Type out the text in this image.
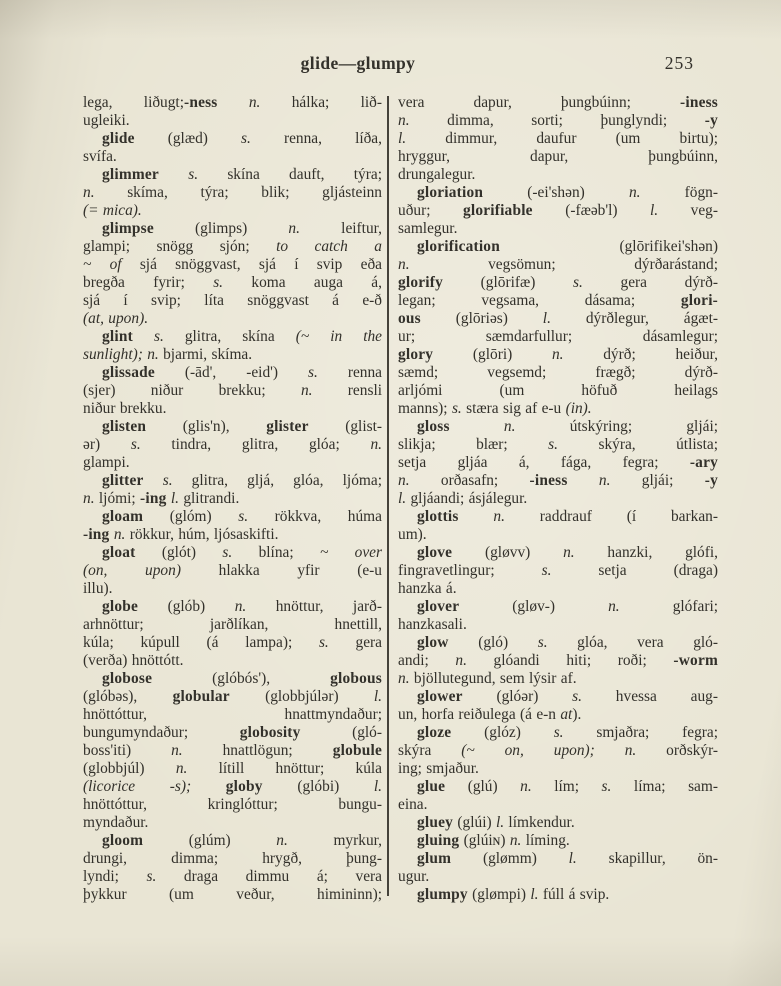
glide—glumpy	253
lega, liðugt;-ness n. hálka; lið-
ugleiki.
glide (glæd) s. renna, líða,
svífa.
glimmer s. skína dauft, týra;
n. skíma, týra; blik; gljásteinn
(= mica).
glimpse (glimps) n. leiftur,
glampi; snögg sjón; to catch a
~ of sjá snöggvast, sjá í svip eða
bregða fyrir; s. koma auga á,
sjá í svip; líta snöggvast á e-ð
(at, upon).
glint s. glitra, skína (~ in the
sunlight); n. bjarmi, skíma.
glissade (-ād', -eid') s. renna
(sjer) niður brekku; n. rensli
niður brekku.
glisten (glis'n), glister (glist-
ər) s. tindra, glitra, glóa; n.
glampi.
glitter s. glitra, gljá, glóa, ljóma;
n. ljómi; -ing l. glitrandi.
gloam (glóm) s. rökkva, húma
-ing n. rökkur, húm, ljósaskifti.
gloat (glót) s. blína; ~ over
(on, upon) hlakka yfir (e-u
illu).
globe (glób) n. hnöttur, jarð-
arhnöttur; jarðlíkan, hnettill,
kúla; kúpull (á lampa); s. gera
(verða) hnöttótt.
globose (glóbós'), globous
(glóbəs), globular (globbjúlər) l.
hnöttóttur, hnattmyndaður;
bungumyndaður; globosity (gló-
boss'iti) n. hnattlögun; globule
(globbjúl) n. lítill hnöttur; kúla
(licorice -s); globy (glóbi) l.
hnöttóttur, kringlóttur; bungu-
myndaður.
gloom (glúm) n. myrkur,
drungi, dimma; hrygð, þung-
lyndi; s. draga dimmu á; vera
þykkur (um veður, himininn);
vera dapur, þungbúinn; -iness
n. dimma, sorti; þunglyndi; -y
l. dimmur, daufur (um birtu);
hryggur, dapur, þungbúinn,
drungalegur.
gloriation (-ei'shən) n. fögn-
uður; glorifiable (-fæəb'l) l. veg-
samlegur.
glorification (glōrifikei'shən)
n. vegsömun; dýrðarástand;
glorify (glōrifæ) s. gera dýrð-
legan; vegsama, dásama; glori-
ous (glōriəs) l. dýrðlegur, ágæt-
ur; sæmdarfullur; dásamlegur;
glory (glōri) n. dýrð; heiður,
sæmd; vegsemd; frægð; dýrð-
arljómi (um höfuð heilags
manns); s. stæra sig af e-u (in).
gloss	n. útskýring; gljái;
slikja; blær; s. skýra, útlista;
setja gljáa á, fága, fegra; -ary
n. orðasafn; -iness n. gljái; -y
l. gljáandi; ásjálegur.
glottis n. raddrauf (í barkan-
um).
glove (gløvv) n. hanzki, glófi,
fingravetlingur; s. setja (draga)
hanzka á.
glover (gløv-) n. glófari;
hanzkasali.
glow (gló) s. glóa, vera gló-
andi; n. glóandi hiti; roði; -worm
n. bjöllutegund, sem lýsir af.
glower (glóər) s. hvessa aug-
un, horfa reiðulega (á e-n at).
gloze (glóz) s. smjaðra; fegra;
skýra (~ on, upon); n. orðskýr-
ing; smjaður.
glue (glú) n. lím; s. líma; sam-
eina.
gluey (glúi) l. límkendur.
gluing (glúiɴ) n. líming.
glum (glømm) l. skapillur, ön-
ugur.
glumpy (glømpi) l. fúll á svip.
